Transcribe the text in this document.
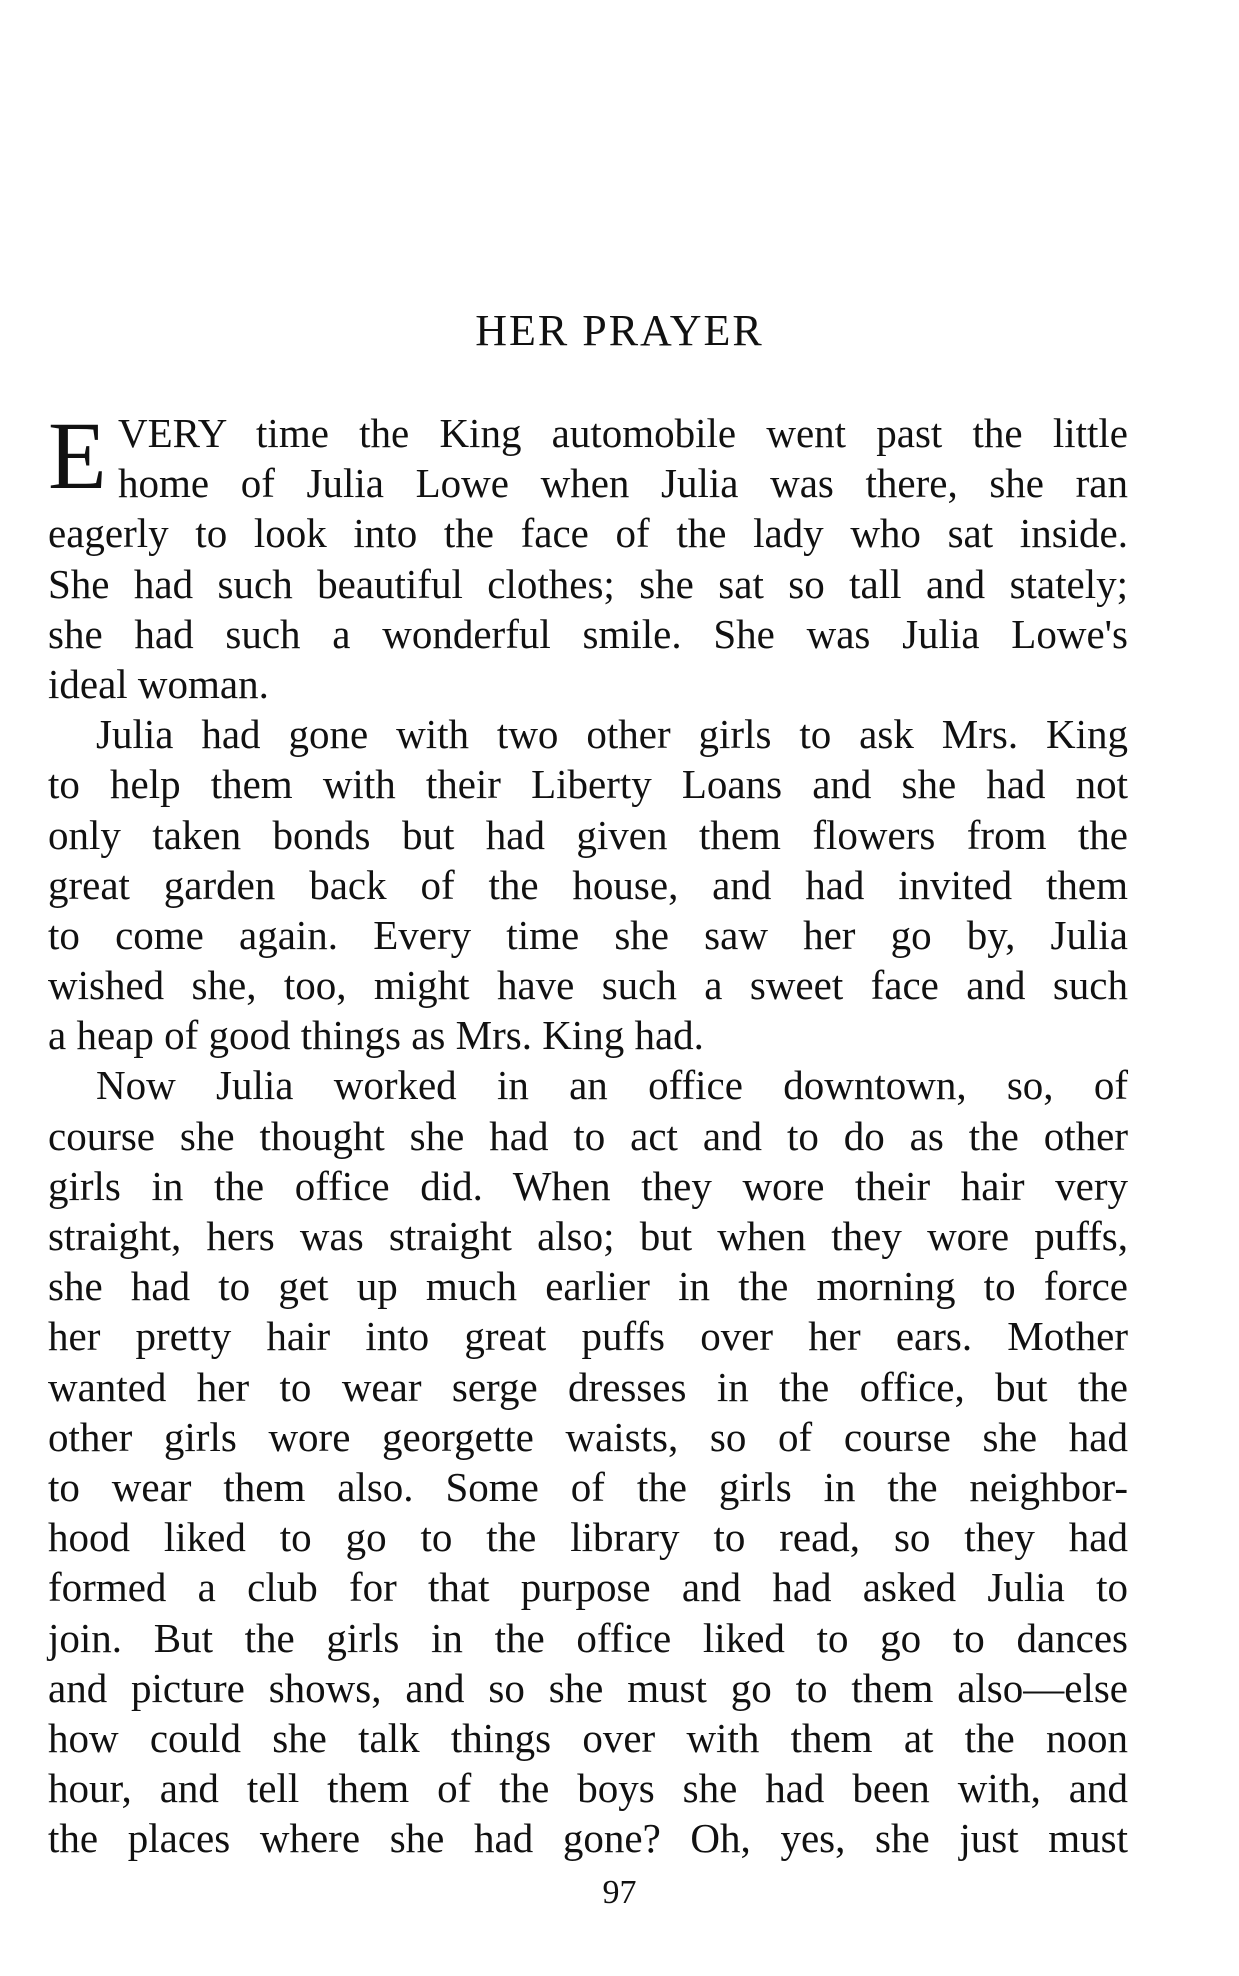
HER PRAYER
E VERY time the King automobile went past the little
home of Julia Lowe when Julia was there, she ran
eagerly to look into the face of the lady who sat inside.
She had such beautiful clothes; she sat so tall and stately;
she had such a wonderful smile. She was Julia Lowe's
ideal woman.
Julia had gone with two other girls to ask Mrs. King
to help them with their Liberty Loans and she had not
only taken bonds but had given them flowers from the
great garden back of the house, and had invited them
to come again. Every time she saw her go by, Julia
wished she, too, might have such a sweet face and such
a heap of good things as Mrs. King had.
Now Julia worked in an office downtown, so, of
course she thought she had to act and to do as the other
girls in the office did. When they wore their hair very
straight, hers was straight also; but when they wore puffs,
she had to get up much earlier in the morning to force
her pretty hair into great puffs over her ears. Mother
wanted her to wear serge dresses in the office, but the
other girls wore georgette waists, so of course she had
to wear them also. Some of the girls in the neighbor-
hood liked to go to the library to read, so they had
formed a club for that purpose and had asked Julia to
join. But the girls in the office liked to go to dances
and picture shows, and so she must go to them also—else
how could she talk things over with them at the noon
hour, and tell them of the boys she had been with, and
the places where she had gone? Oh, yes, she just must
97
